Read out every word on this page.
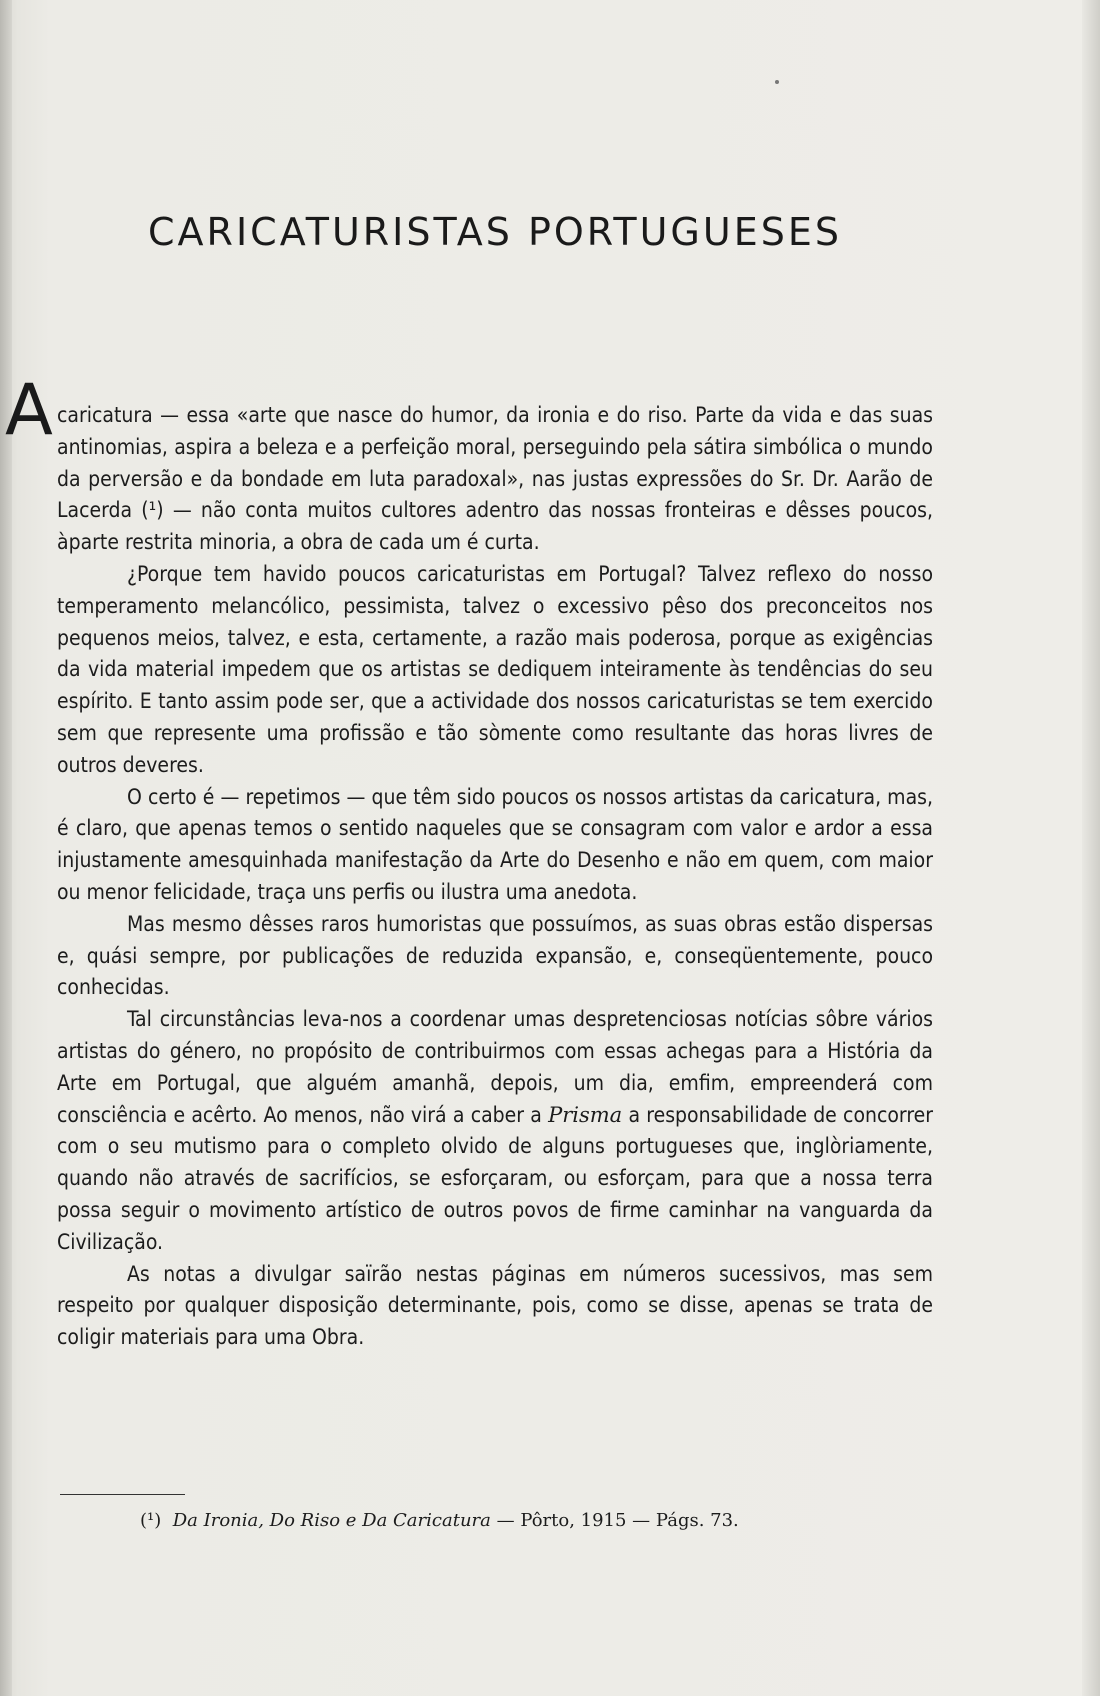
CARICATURISTAS PORTUGUESES
A caricatura — essa «arte que nasce do humor, da ironia e do riso. Parte da vida e das suas antinomias, aspira a beleza e a perfeição moral, perseguindo pela sátira simbólica o mundo da perversão e da bondade em luta paradoxal», nas justas expressões do Sr. Dr. Aarão de Lacerda (¹) — não conta muitos cultores adentro das nossas fronteiras e dêsses poucos, àparte restrita minoria, a obra de cada um é curta.

¿Porque tem havido poucos caricaturistas em Portugal? Talvez reflexo do nosso temperamento melancólico, pessimista, talvez o excessivo pêso dos preconceitos nos pequenos meios, talvez, e esta, certamente, a razão mais poderosa, porque as exigências da vida material impedem que os artistas se dediquem inteiramente às tendências do seu espírito. E tanto assim pode ser, que a actividade dos nossos caricaturistas se tem exercido sem que represente uma profissão e tão sòmente como resultante das horas livres de outros deveres.

O certo é — repetimos — que têm sido poucos os nossos artistas da caricatura, mas, é claro, que apenas temos o sentido naqueles que se consagram com valor e ardor a essa injustamente amesquinhada manifestação da Arte do Desenho e não em quem, com maior ou menor felicidade, traça uns perfis ou ilustra uma anedota.

Mas mesmo dêsses raros humoristas que possuímos, as suas obras estão dispersas e, quási sempre, por publicações de reduzida expansão, e, conseqüentemente, pouco conhecidas.

Tal circunstâncias leva-nos a coordenar umas despretenciosas notícias sôbre vários artistas do género, no propósito de contribuirmos com essas achegas para a História da Arte em Portugal, que alguém amanhã, depois, um dia, emfim, empreenderá com consciência e acêrto. Ao menos, não virá a caber a Prisma a responsabilidade de concorrer com o seu mutismo para o completo olvido de alguns portugueses que, inglòriamente, quando não através de sacrifícios, se esforçaram, ou esforçam, para que a nossa terra possa seguir o movimento artístico de outros povos de firme caminhar na vanguarda da Civilização.

As notas a divulgar saïrão nestas páginas em números sucessivos, mas sem respeito por qualquer disposição determinante, pois, como se disse, apenas se trata de coligir materiais para uma Obra.

(¹) Da Ironia, Do Riso e Da Caricatura — Pôrto, 1915 — Págs. 73.
